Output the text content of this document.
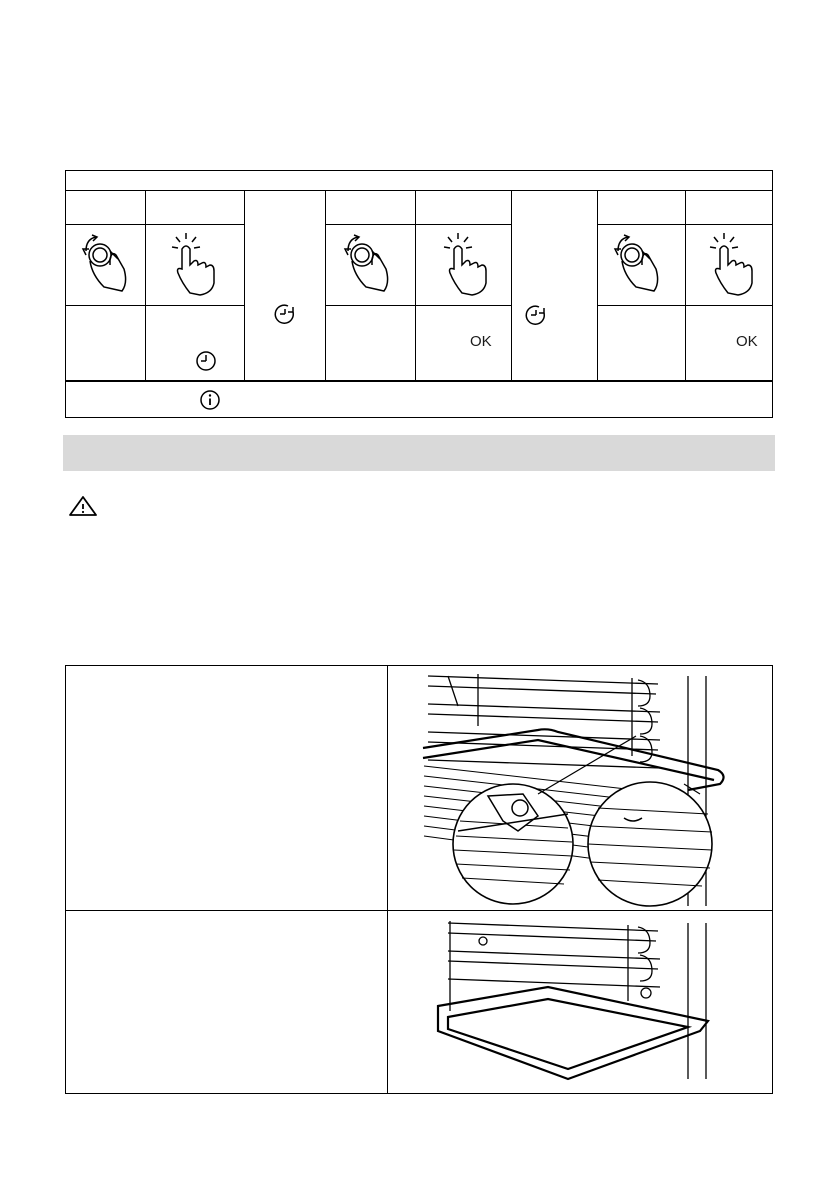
OK	OK
